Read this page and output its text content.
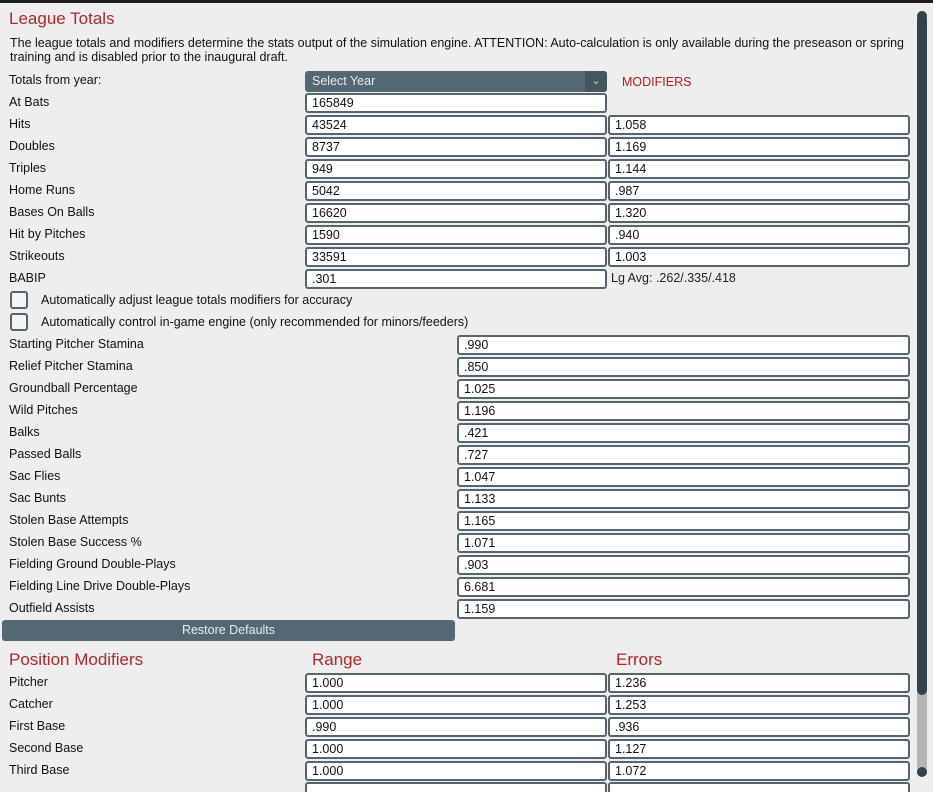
League Totals
The league totals and modifiers determine the stats output of the simulation engine. ATTENTION: Auto-calculation is only available during the preseason or spring training and is disabled prior to the inaugural draft.
Totals from year:	Select Year	⌄	MODIFIERS
At Bats	165849
Hits	43524	1.058
Doubles	8737	1.169
Triples	949	1.144
Home Runs	5042	.987
Bases On Balls	16620	1.320
Hit by Pitches	1590	.940
Strikeouts	33591	1.003
BABIP	.301	Lg Avg: .262/.335/.418
Automatically adjust league totals modifiers for accuracy
Automatically control in-game engine (only recommended for minors/feeders)
Starting Pitcher Stamina	.990
Relief Pitcher Stamina	.850
Groundball Percentage	1.025
Wild Pitches	1.196
Balks	.421
Passed Balls	.727
Sac Flies	1.047
Sac Bunts	1.133
Stolen Base Attempts	1.165
Stolen Base Success %	1.071
Fielding Ground Double-Plays	.903
Fielding Line Drive Double-Plays	6.681
Outfield Assists	1.159
Restore Defaults
Position Modifiers	Range	Errors
Pitcher	1.000	1.236
Catcher	1.000	1.253
First Base	.990	.936
Second Base	1.000	1.127
Third Base	1.000	1.072
